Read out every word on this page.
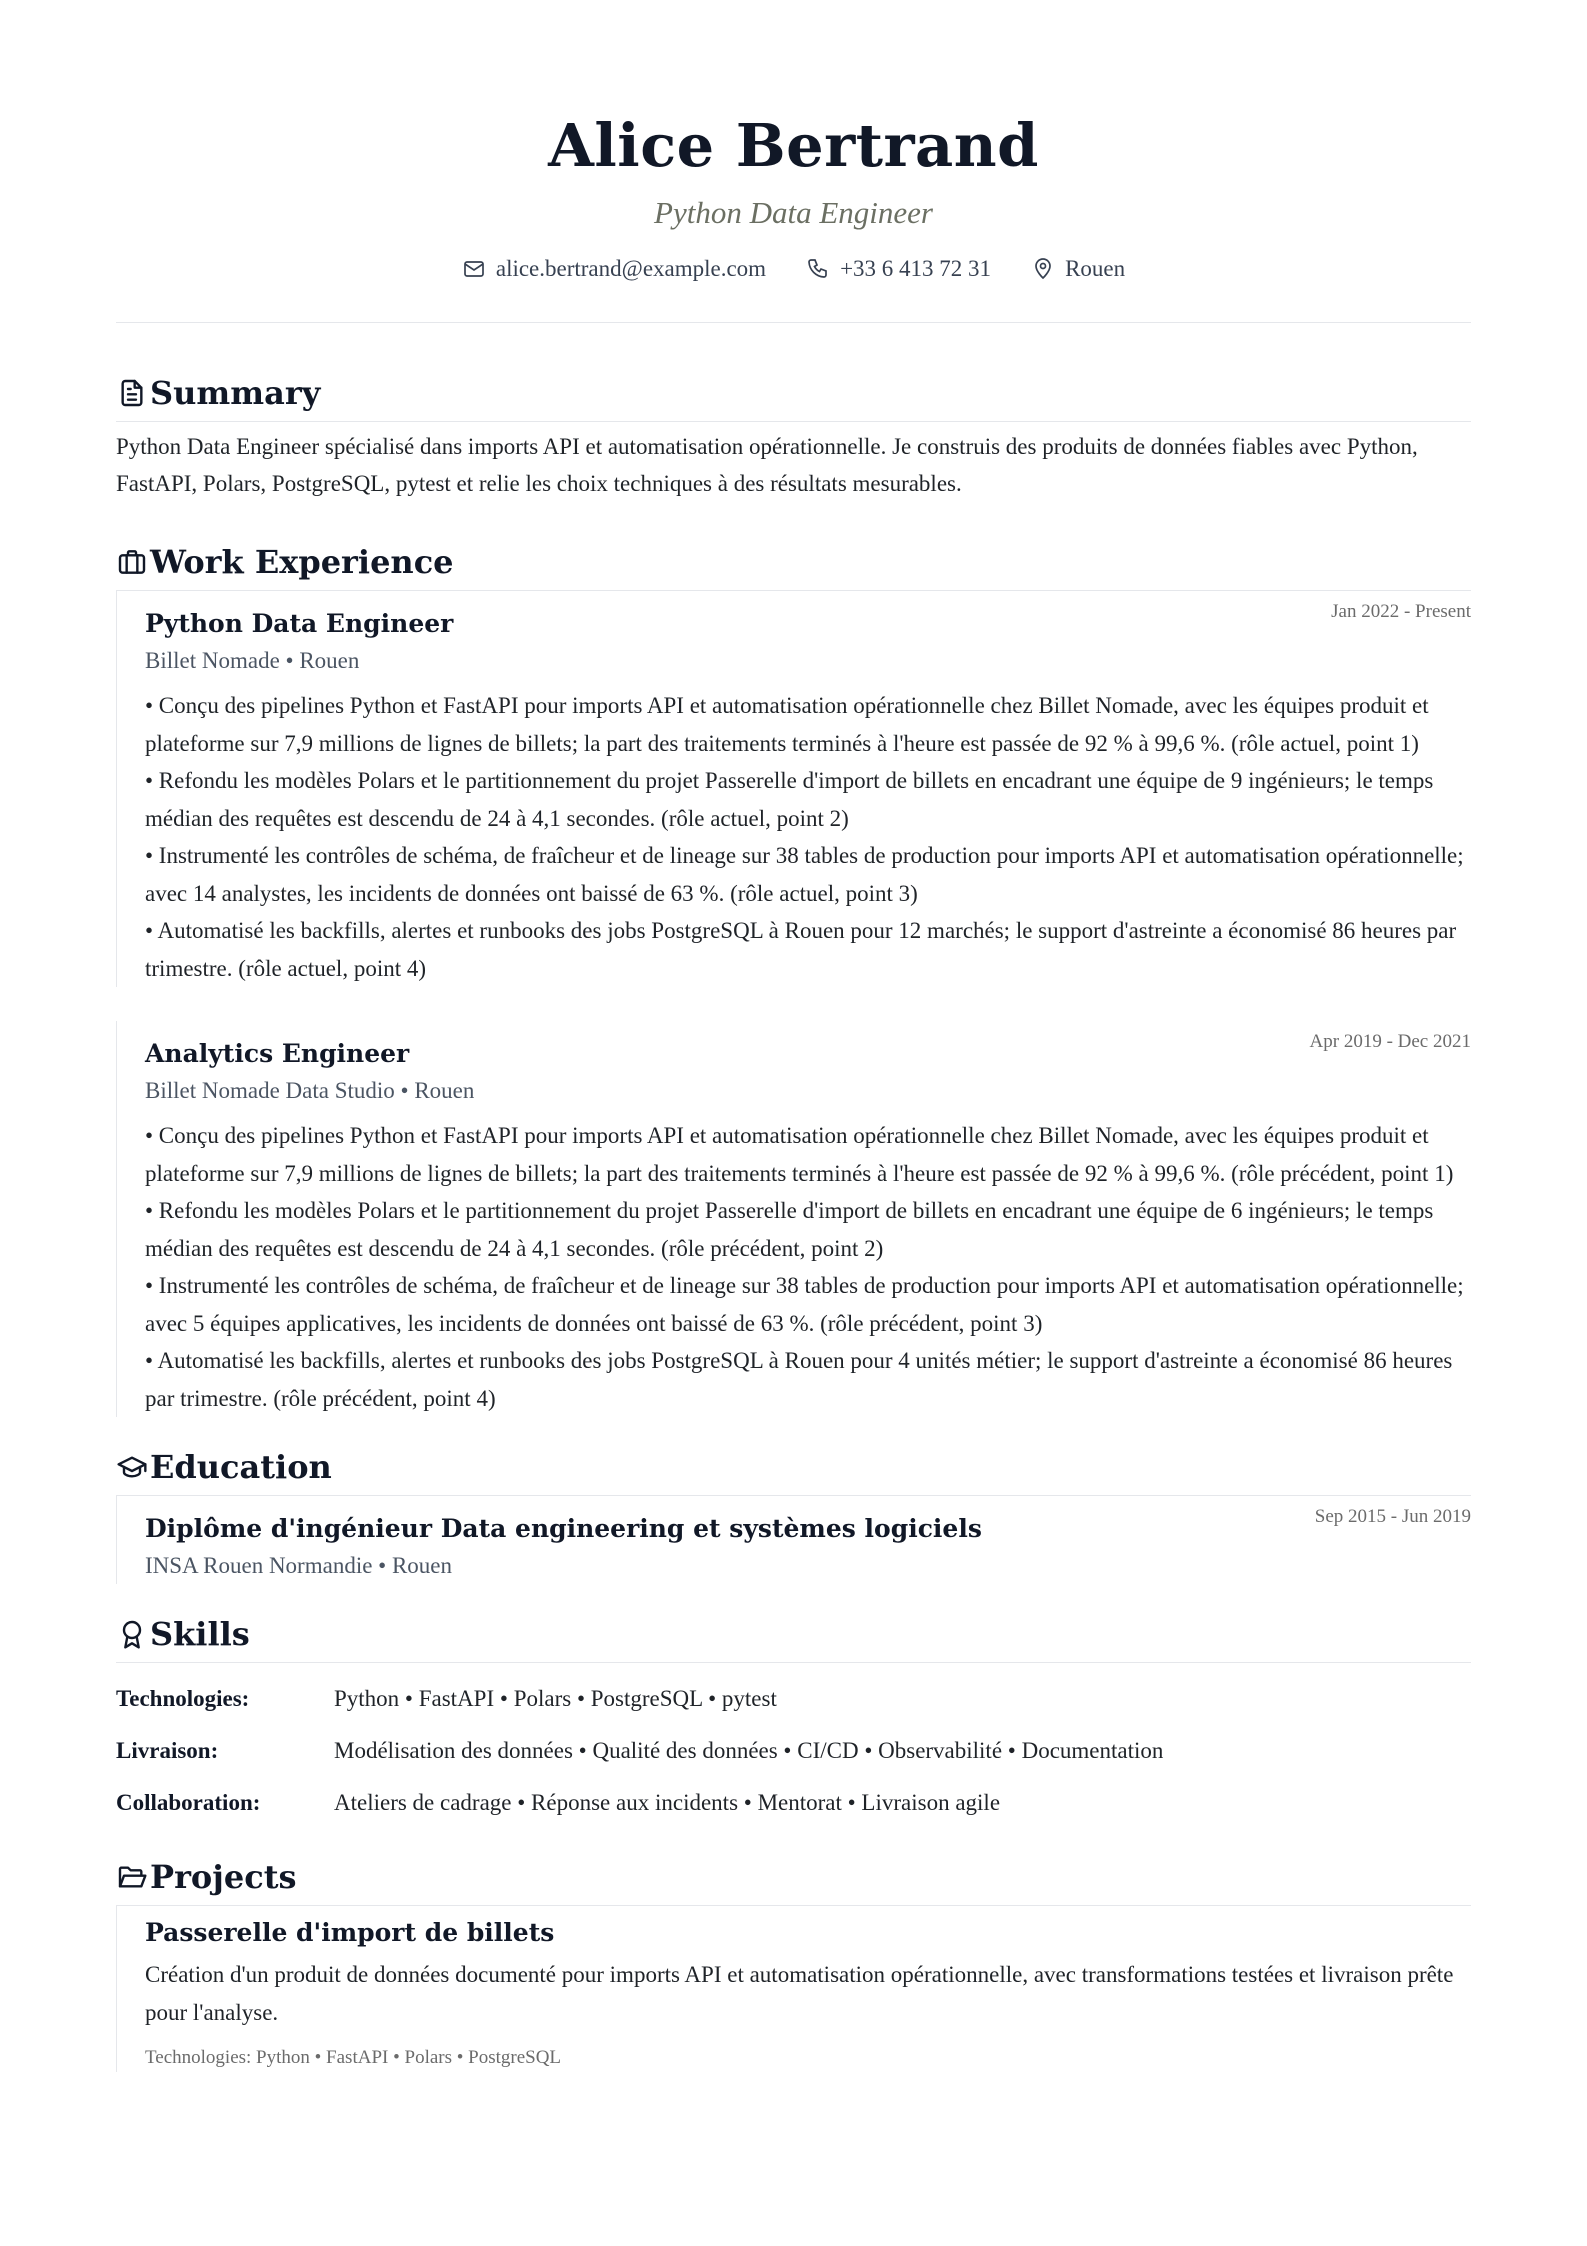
Alice Bertrand
Python Data Engineer
alice.bertrand@example.com	+33 6 413 72 31	Rouen
Summary
Python Data Engineer spécialisé dans imports API et automatisation opérationnelle. Je construis des produits de données fiables avec Python, FastAPI, Polars, PostgreSQL, pytest et relie les choix techniques à des résultats mesurables.
Work Experience
Jan 2022 - Present
Python Data Engineer
Billet Nomade • Rouen
• Conçu des pipelines Python et FastAPI pour imports API et automatisation opérationnelle chez Billet Nomade, avec les équipes produit et plateforme sur 7,9 millions de lignes de billets; la part des traitements terminés à l'heure est passée de 92 % à 99,6 %. (rôle actuel, point 1)
• Refondu les modèles Polars et le partitionnement du projet Passerelle d'import de billets en encadrant une équipe de 9 ingénieurs; le temps médian des requêtes est descendu de 24 à 4,1 secondes. (rôle actuel, point 2)
• Instrumenté les contrôles de schéma, de fraîcheur et de lineage sur 38 tables de production pour imports API et automatisation opérationnelle; avec 14 analystes, les incidents de données ont baissé de 63 %. (rôle actuel, point 3)
• Automatisé les backfills, alertes et runbooks des jobs PostgreSQL à Rouen pour 12 marchés; le support d'astreinte a économisé 86 heures par trimestre. (rôle actuel, point 4)
Apr 2019 - Dec 2021
Analytics Engineer
Billet Nomade Data Studio • Rouen
• Conçu des pipelines Python et FastAPI pour imports API et automatisation opérationnelle chez Billet Nomade, avec les équipes produit et plateforme sur 7,9 millions de lignes de billets; la part des traitements terminés à l'heure est passée de 92 % à 99,6 %. (rôle précédent, point 1)
• Refondu les modèles Polars et le partitionnement du projet Passerelle d'import de billets en encadrant une équipe de 6 ingénieurs; le temps médian des requêtes est descendu de 24 à 4,1 secondes. (rôle précédent, point 2)
• Instrumenté les contrôles de schéma, de fraîcheur et de lineage sur 38 tables de production pour imports API et automatisation opérationnelle; avec 5 équipes applicatives, les incidents de données ont baissé de 63 %. (rôle précédent, point 3)
• Automatisé les backfills, alertes et runbooks des jobs PostgreSQL à Rouen pour 4 unités métier; le support d'astreinte a économisé 86 heures par trimestre. (rôle précédent, point 4)
Education
Sep 2015 - Jun 2019
Diplôme d'ingénieur Data engineering et systèmes logiciels
INSA Rouen Normandie • Rouen
Skills
Technologies:	Python • FastAPI • Polars • PostgreSQL • pytest
Livraison:	Modélisation des données • Qualité des données • CI/CD • Observabilité • Documentation
Collaboration:	Ateliers de cadrage • Réponse aux incidents • Mentorat • Livraison agile
Projects
Passerelle d'import de billets
Création d'un produit de données documenté pour imports API et automatisation opérationnelle, avec transformations testées et livraison prête pour l'analyse.
Technologies: Python • FastAPI • Polars • PostgreSQL
